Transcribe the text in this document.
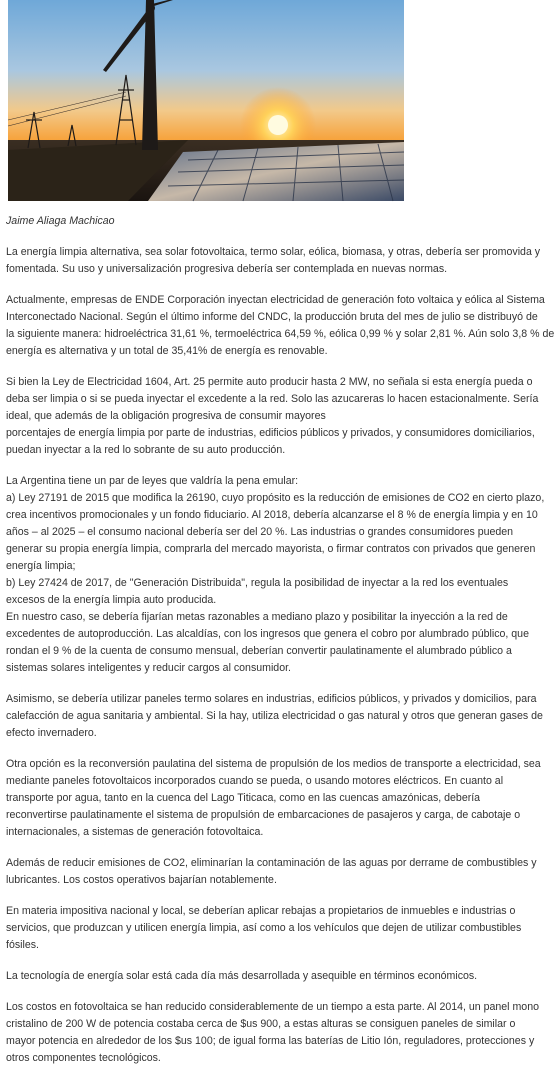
Jaime Aliaga Machicao
La energía limpia alternativa, sea solar fotovoltaica, termo solar, eólica, biomasa, y otras, debería ser promovida y
fomentada. Su uso y universalización progresiva debería ser contemplada en nuevas normas.
Actualmente, empresas de ENDE Corporación inyectan electricidad de generación foto voltaica y eólica al Sistema
Interconectado Nacional. Según el último informe del CNDC, la producción bruta del mes de julio se distribuyó de
la siguiente manera: hidroeléctrica 31,61 %, termoeléctrica 64,59 %, eólica 0,99 % y solar 2,81 %. Aún solo 3,8 % de
energía es alternativa y un total de 35,41% de energía es renovable.
Si bien la Ley de Electricidad 1604, Art. 25 permite auto producir hasta 2 MW, no señala si esta energía pueda o
deba ser limpia o si se pueda inyectar el excedente a la red. Solo las azucareras lo hacen estacionalmente. Sería
ideal, que además de la obligación progresiva de consumir mayores
porcentajes de energía limpia por parte de industrias, edificios públicos y privados, y consumidores domiciliarios,
puedan inyectar a la red lo sobrante de su auto producción.
La Argentina tiene un par de leyes que valdría la pena emular:
a) Ley 27191 de 2015 que modifica la 26190, cuyo propósito es la reducción de emisiones de CO2 en cierto plazo,
crea incentivos promocionales y un fondo fiduciario. Al 2018, debería alcanzarse el 8 % de energía limpia y en 10
años – al 2025 – el consumo nacional debería ser del 20 %. Las industrias o grandes consumidores pueden
generar su propia energía limpia, comprarla del mercado mayorista, o firmar contratos con privados que generen
energía limpia;
b) Ley 27424 de 2017, de "Generación Distribuida", regula la posibilidad de inyectar a la red los eventuales
excesos de la energía limpia auto producida.
En nuestro caso, se debería fijarían metas razonables a mediano plazo y posibilitar la inyección a la red de
excedentes de autoproducción. Las alcaldías, con los ingresos que genera el cobro por alumbrado público, que
rondan el 9 % de la cuenta de consumo mensual, deberían convertir paulatinamente el alumbrado público a
sistemas solares inteligentes y reducir cargos al consumidor.
Asimismo, se debería utilizar paneles termo solares en industrias, edificios públicos, y privados y domicilios, para
calefacción de agua sanitaria y ambiental. Si la hay, utiliza electricidad o gas natural y otros que generan gases de
efecto invernadero.
Otra opción es la reconversión paulatina del sistema de propulsión de los medios de transporte a electricidad, sea
mediante paneles fotovoltaicos incorporados cuando se pueda, o usando motores eléctricos. En cuanto al
transporte por agua, tanto en la cuenca del Lago Titicaca, como en las cuencas amazónicas, debería
reconvertirse paulatinamente el sistema de propulsión de embarcaciones de pasajeros y carga, de cabotaje o
internacionales, a sistemas de generación fotovoltaica.
Además de reducir emisiones de CO2, eliminarían la contaminación de las aguas por derrame de combustibles y
lubricantes. Los costos operativos bajarían notablemente.
En materia impositiva nacional y local, se deberían aplicar rebajas a propietarios de inmuebles e industrias o
servicios, que produzcan y utilicen energía limpia, así como a los vehículos que dejen de utilizar combustibles
fósiles.
La tecnología de energía solar está cada día más desarrollada y asequible en términos económicos.
Los costos en fotovoltaica se han reducido considerablemente de un tiempo a esta parte. Al 2014, un panel mono
cristalino de 200 W de potencia costaba cerca de $us 900, a estas alturas se consiguen paneles de similar o
mayor potencia en alrededor de los $us 100; de igual forma las baterías de Litio Ión, reguladores, protecciones y
otros componentes tecnológicos.
